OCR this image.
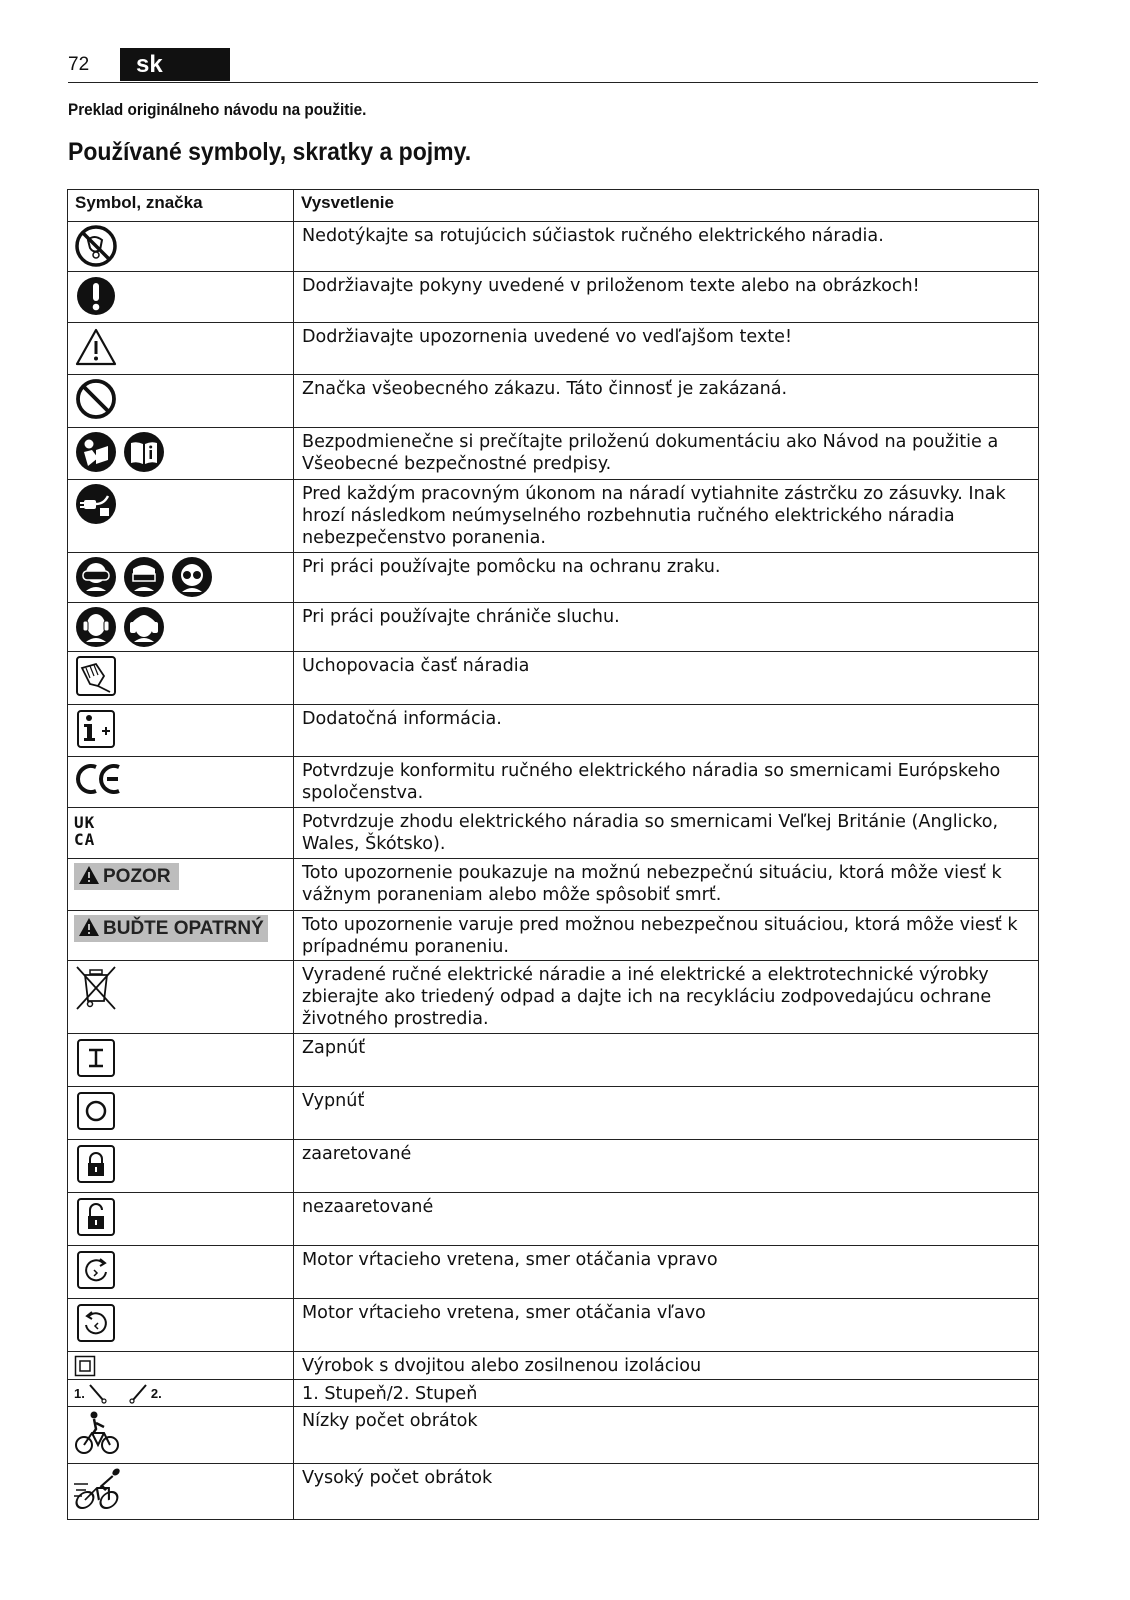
72	sk
Preklad originálneho návodu na použitie.
Používané symboly, skratky a pojmy.
Symbol, značka	Vysvetlenie

	Nedotýkajte sa rotujúcich súčiastok ručného elektrického náradia.

	Dodržiavajte pokyny uvedené v priloženom texte alebo na obrázkoch!

	Dodržiavajte upozornenia uvedené vo vedľajšom texte!

	Značka všeobecného zákazu. Táto činnosť je zakázaná.

	Bezpodmienečne si prečítajte priloženú dokumentáciu ako Návod na použitie a Všeobecné bezpečnostné predpisy.

	Pred každým pracovným úkonom na náradí vytiahnite zástrčku zo zásuvky. Inak hrozí následkom neúmyselného rozbehnutia ručného elektrického náradia nebezpečenstvo poranenia.

	Pri práci používajte pomôcku na ochranu zraku.

	Pri práci používajte chrániče sluchu.

	Uchopovacia časť náradia

	Dodatočná informácia.

	Potvrdzuje konformitu ručného elektrického náradia so smernicami Európskeho spoločenstva.

UK
CA	Potvrdzuje zhodu elektrického náradia so smernicami Veľkej Británie (Anglicko, Wales, Škótsko).
POZOR	Toto upozornenie poukazuje na možnú nebezpečnú situáciu, ktorá môže viesť k vážnym poraneniam alebo môže spôsobiť smrť.
BUĎTE OPATRNÝ	Toto upozornenie varuje pred možnou nebezpečnou situáciou, ktorá môže viesť k prípadnému poraneniu.

	Vyradené ručné elektrické náradie a iné elektrické a elektrotechnické výrobky zbierajte ako triedený odpad a dajte ich na recykláciu zodpovedajúcu ochrane životného prostredia.

	Zapnúť

	Vypnúť

	zaaretované

	nezaaretované

	Motor vŕtacieho vretena, smer otáčania vpravo

	Motor vŕtacieho vretena, smer otáčania vľavo

	Výrobok s dvojitou alebo zosilnenou izoláciou

1. 2.	1. Stupeň/2. Stupeň

	Nízky počet obrátok

	Vysoký počet obrátok
